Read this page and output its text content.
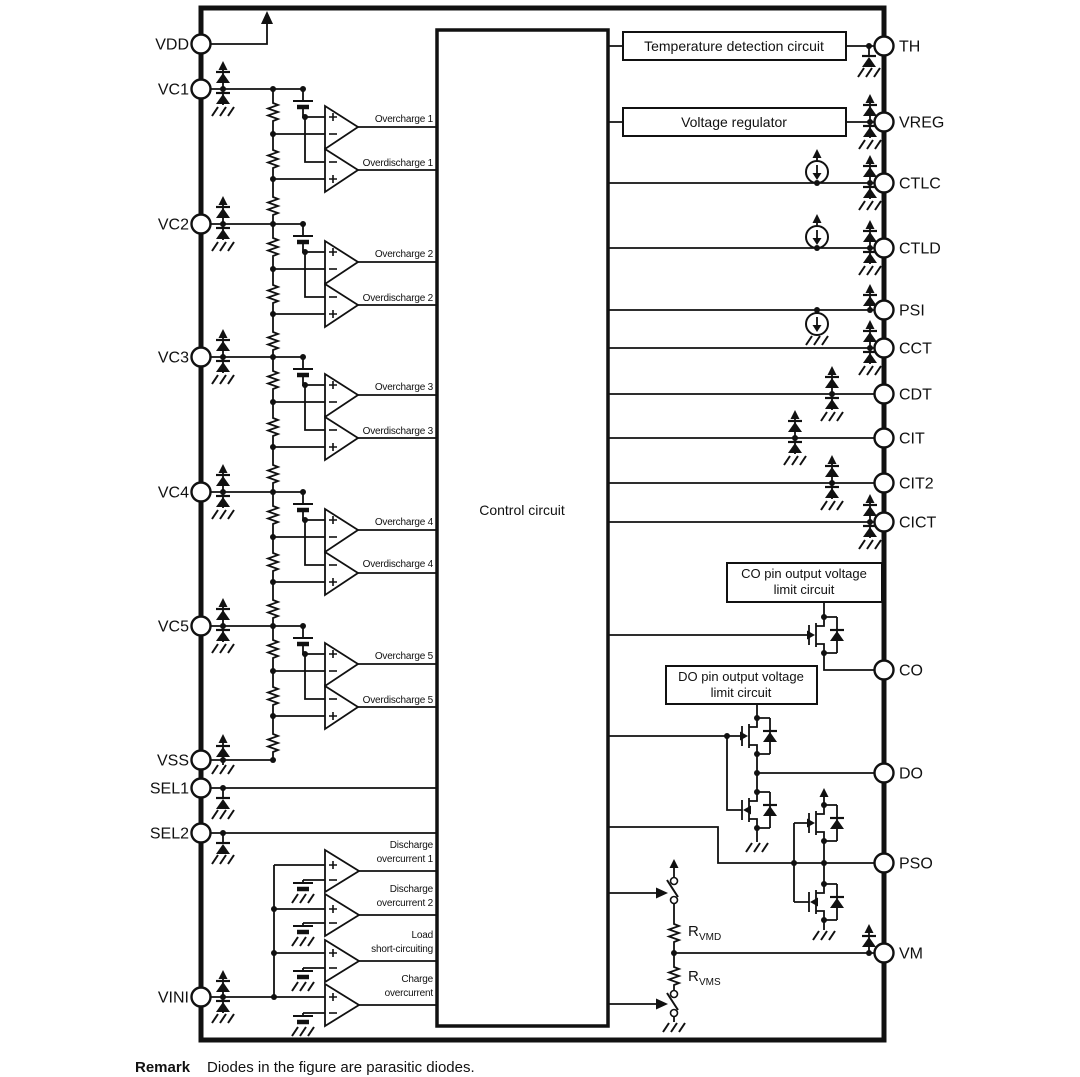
Control circuit
Temperature detection circuit
Voltage regulator
CO pin output voltage
limit circuit
DO pin output voltage
limit circuit
Overcharge 1
Overdischarge 1
Overcharge 2
Overdischarge 2
Overcharge 3
Overdischarge 3
Overcharge 4
Overdischarge 4
Overcharge 5
Overdischarge 5
Discharge
overcurrent 1
Discharge
overcurrent 2
Load
short-circuiting
Charge
overcurrent
R VMD
R VMS
VDD
VC1
VC2
VC3
VC4
VC5
VSS
SEL1
SEL2
VINI
TH
VREG
CTLC
CTLD
PSI
CCT
CDT
CIT
CIT2
CICT
CO
DO
PSO
VM
Remark Diodes in the figure are parasitic diodes.
